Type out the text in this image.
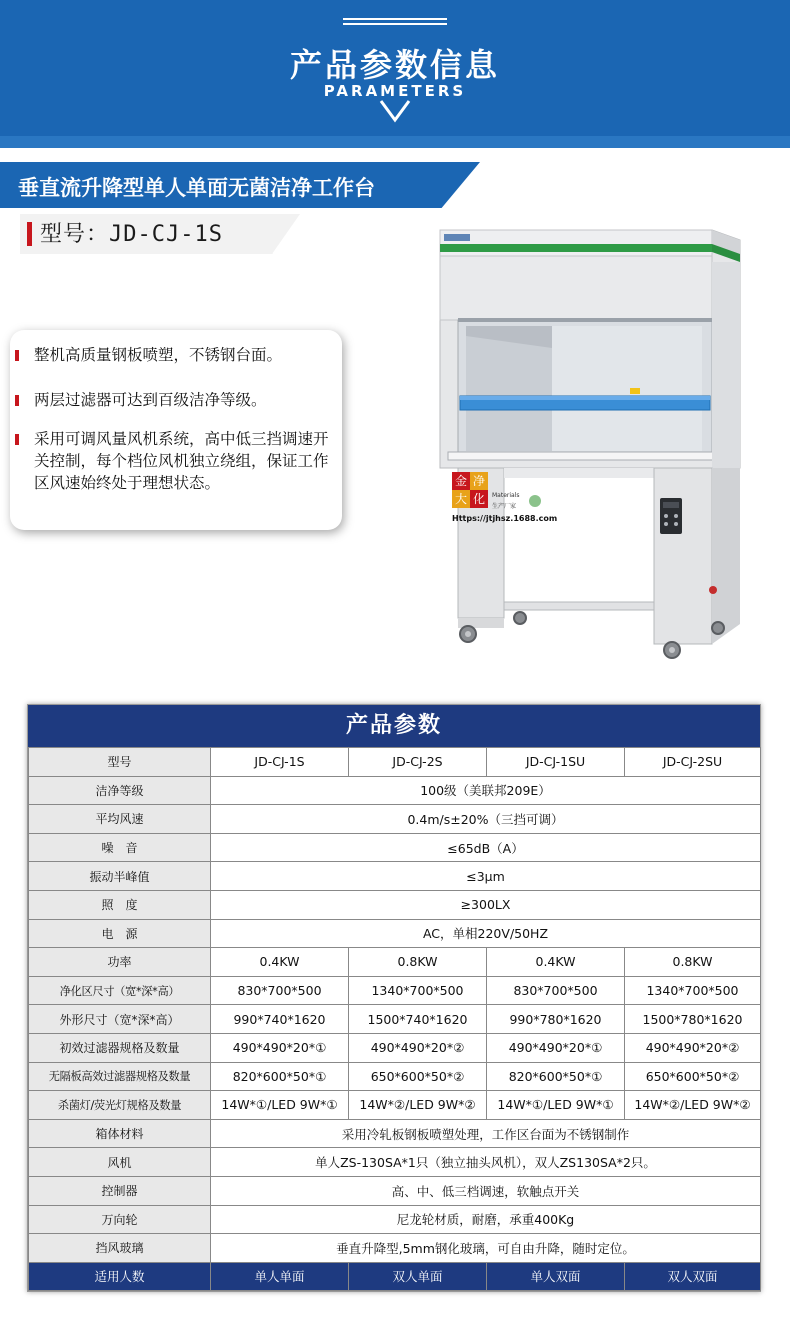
产品参数信息
PARAMETERS
垂直流升降型单人单面无菌洁净工作台
型号：JD-CJ-1S
整机高质量钢板喷塑，不锈钢台面。
两层过滤器可达到百级洁净等级。
采用可调风量风机系统，高中低三挡调速开关控制，每个档位风机独立绕组，保证工作区风速始终处于理想状态。	金 净
大 化	Materials
生产厂家
Https://jtjhsz.1688.com
产品参数
型号	JD-CJ-1S	JD-CJ-2S	JD-CJ-1SU	JD-CJ-2SU
洁净等级	100级（美联邦209E）			
平均风速	0.4m/s±20%（三挡可调）			
噪　音	≤65dB（A）			
振动半峰值	≤3μm			
照　度	≥300LX			
电　源	AC，单相220V/50HZ			
功率	0.4KW	0.8KW	0.4KW	0.8KW
净化区尺寸（宽*深*高）	830*700*500	1340*700*500	830*700*500	1340*700*500
外形尺寸（宽*深*高）	990*740*1620	1500*740*1620	990*780*1620	1500*780*1620
初效过滤器规格及数量	490*490*20*①	490*490*20*②	490*490*20*①	490*490*20*②
无隔板高效过滤器规格及数量	820*600*50*①	650*600*50*②	820*600*50*①	650*600*50*②
杀菌灯/荧光灯规格及数量	14W*①/LED 9W*①	14W*②/LED 9W*②	14W*①/LED 9W*①	14W*②/LED 9W*②
箱体材料	采用冷轧板钢板喷塑处理，工作区台面为不锈钢制作			
风机	单人ZS-130SA*1只（独立抽头风机），双人ZS130SA*2只。			
控制器	高、中、低三档调速，软触点开关			
万向轮	尼龙轮材质，耐磨，承重400Kg			
挡风玻璃	垂直升降型,5mm钢化玻璃，可自由升降，随时定位。			
适用人数	单人单面	双人单面	单人双面	双人双面
